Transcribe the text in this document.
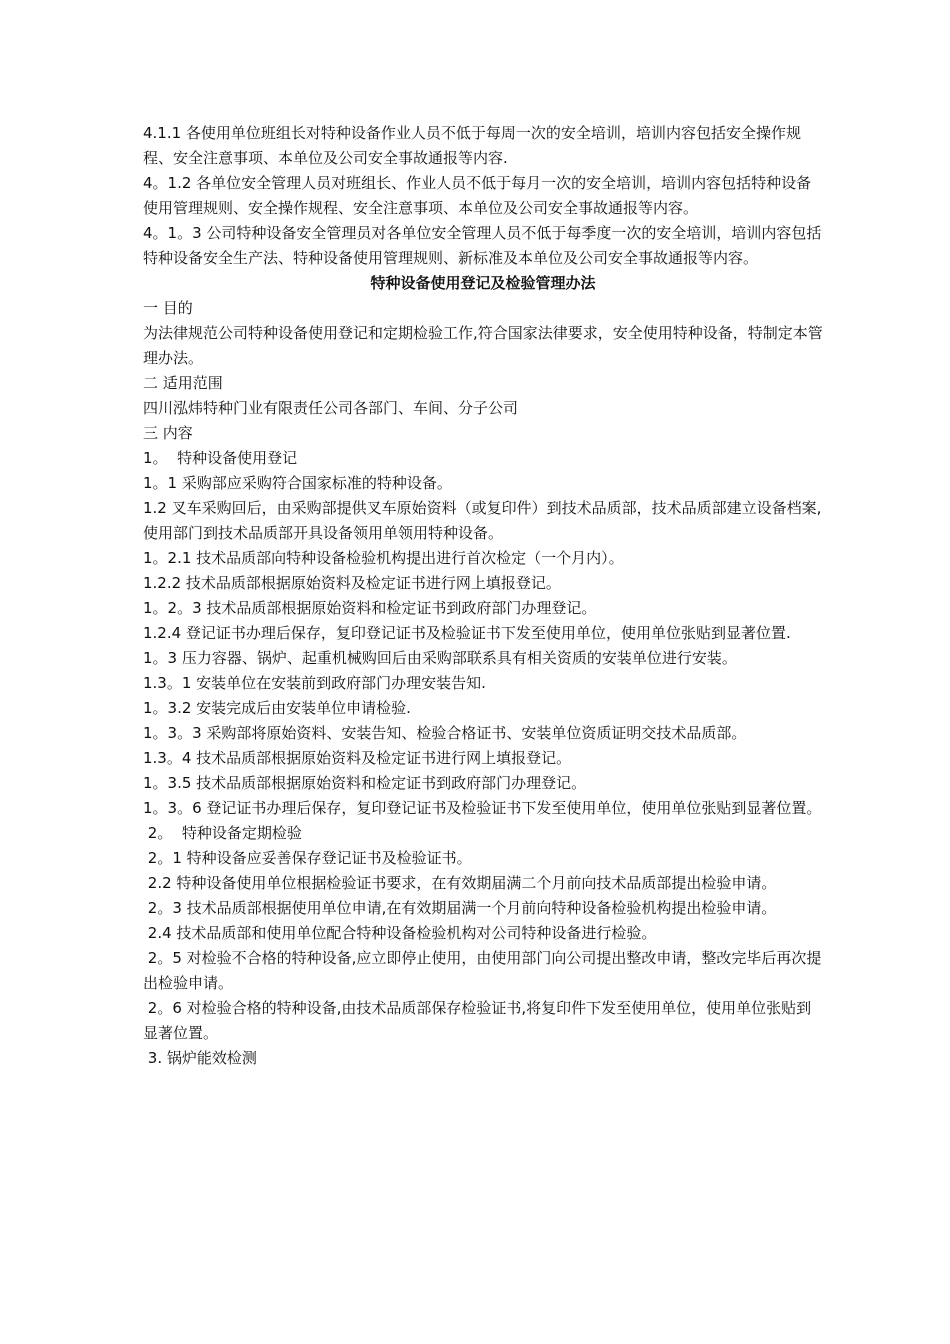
4.1.1 各使用单位班组长对特种设备作业人员不低于每周一次的安全培训，培训内容包括安全操作规程、安全注意事项、本单位及公司安全事故通报等内容.

4。1.2 各单位安全管理人员对班组长、作业人员不低于每月一次的安全培训，培训内容包括特种设备使用管理规则、安全操作规程、安全注意事项、本单位及公司安全事故通报等内容。

4。1。3 公司特种设备安全管理员对各单位安全管理人员不低于每季度一次的安全培训，培训内容包括特种设备安全生产法、特种设备使用管理规则、新标准及本单位及公司安全事故通报等内容。

特种设备使用登记及检验管理办法

一 目的

为法律规范公司特种设备使用登记和定期检验工作,符合国家法律要求，安全使用特种设备，特制定本管理办法。

二 适用范围

四川泓炜特种门业有限责任公司各部门、车间、分子公司

三 内容

1。  特种设备使用登记

1。1 采购部应采购符合国家标准的特种设备。

1.2 叉车采购回后，由采购部提供叉车原始资料（或复印件）到技术品质部，技术品质部建立设备档案,使用部门到技术品质部开具设备领用单领用特种设备。

1。2.1 技术品质部向特种设备检验机构提出进行首次检定（一个月内）。

1.2.2 技术品质部根据原始资料及检定证书进行网上填报登记。

1。2。3 技术品质部根据原始资料和检定证书到政府部门办理登记。

1.2.4 登记证书办理后保存，复印登记证书及检验证书下发至使用单位，使用单位张贴到显著位置.

1。3 压力容器、锅炉、起重机械购回后由采购部联系具有相关资质的安装单位进行安装。

1.3。1 安装单位在安装前到政府部门办理安装告知.

1。3.2 安装完成后由安装单位申请检验.

1。3。3 采购部将原始资料、安装告知、检验合格证书、安装单位资质证明交技术品质部。

1.3。4 技术品质部根据原始资料及检定证书进行网上填报登记。

1。3.5 技术品质部根据原始资料和检定证书到政府部门办理登记。

1。3。6 登记证书办理后保存，复印登记证书及检验证书下发至使用单位，使用单位张贴到显著位置。

2。  特种设备定期检验

2。1 特种设备应妥善保存登记证书及检验证书。

2.2 特种设备使用单位根据检验证书要求，在有效期届满二个月前向技术品质部提出检验申请。

2。3 技术品质部根据使用单位申请,在有效期届满一个月前向特种设备检验机构提出检验申请。

2.4 技术品质部和使用单位配合特种设备检验机构对公司特种设备进行检验。

2。5 对检验不合格的特种设备,应立即停止使用，由使用部门向公司提出整改申请，整改完毕后再次提出检验申请。

2。6 对检验合格的特种设备,由技术品质部保存检验证书,将复印件下发至使用单位，使用单位张贴到显著位置。

3. 锅炉能效检测
